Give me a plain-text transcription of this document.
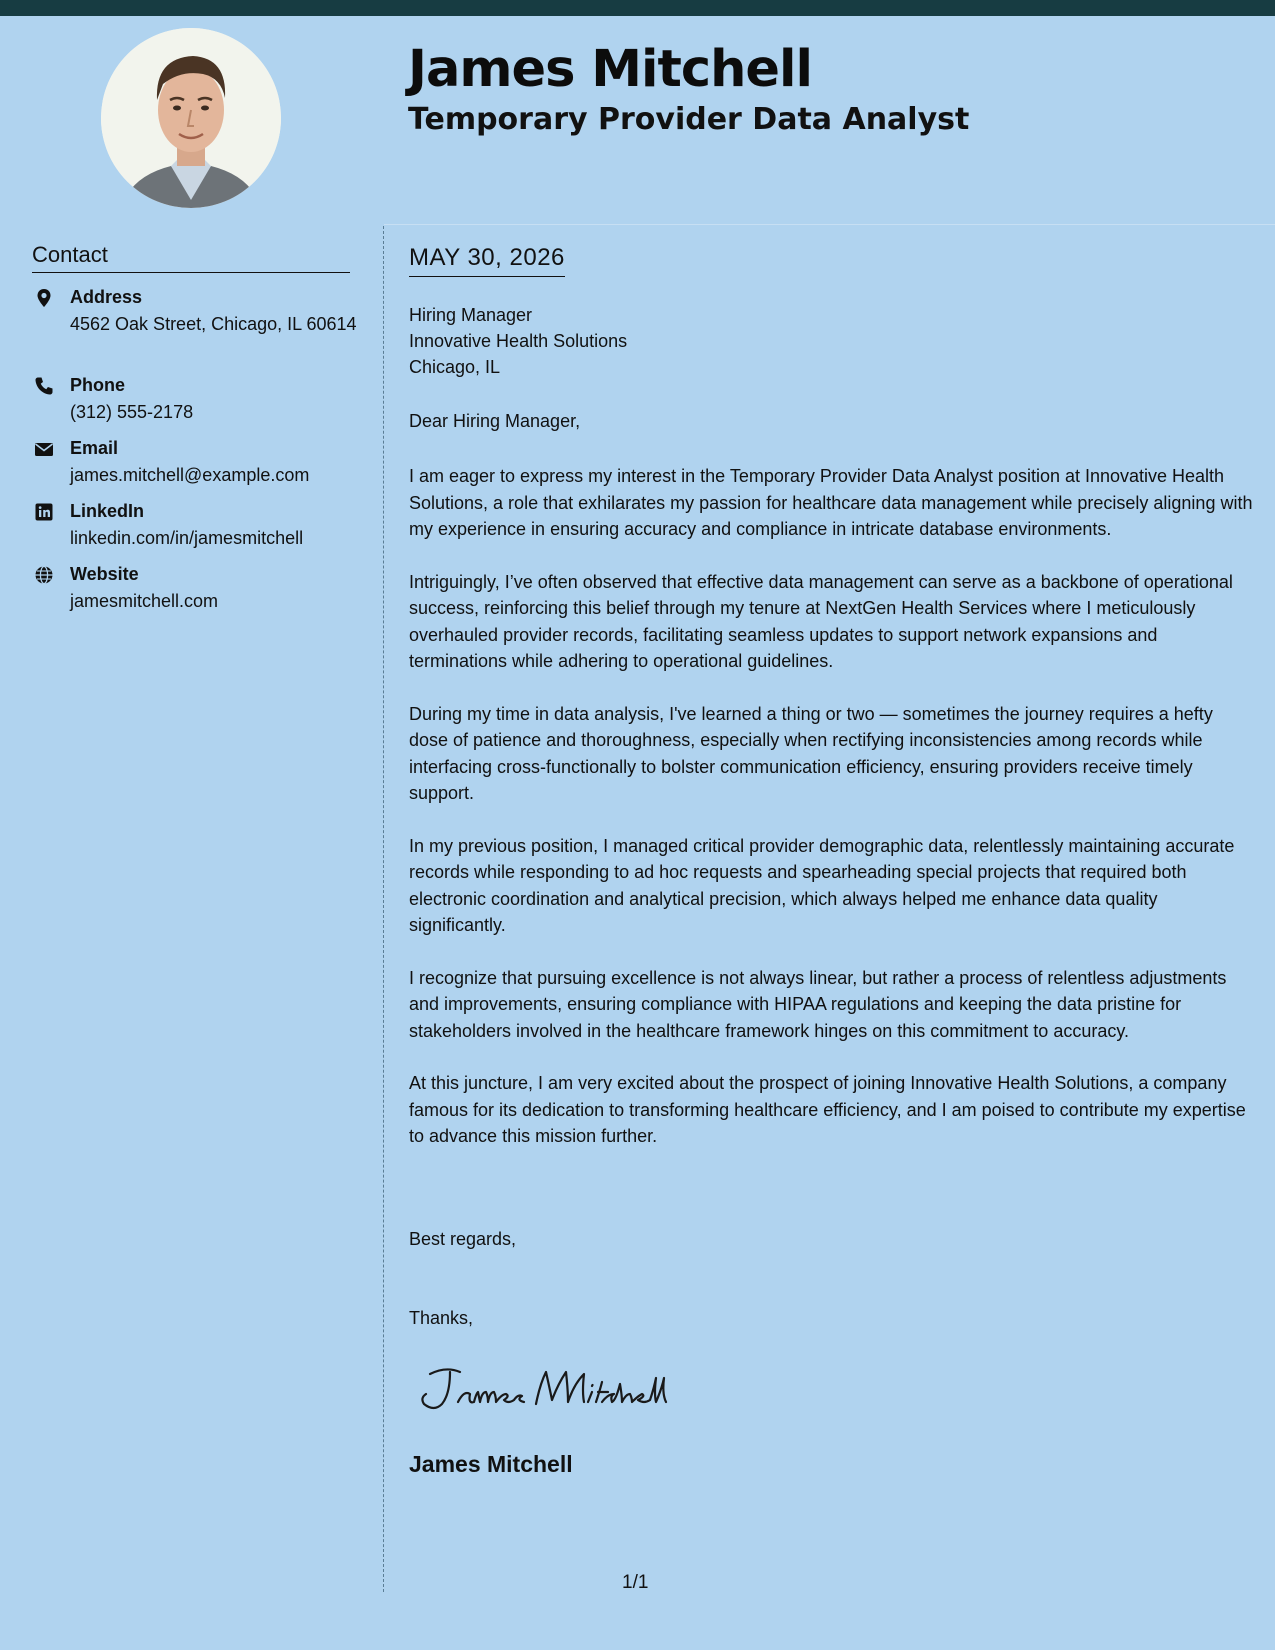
James Mitchell
Temporary Provider Data Analyst
Contact
Address
4562 Oak Street, Chicago, IL 60614
Phone
(312) 555-2178
Email
james.mitchell@example.com
LinkedIn
linkedin.com/in/jamesmitchell
Website
jamesmitchell.com
MAY 30, 2026
Hiring Manager
Innovative Health Solutions
Chicago, IL
Dear Hiring Manager,

I am eager to express my interest in the Temporary Provider Data Analyst position at Innovative Health Solutions, a role that exhilarates my passion for healthcare data management while precisely aligning with my experience in ensuring accuracy and compliance in intricate database environments.

Intriguingly, I’ve often observed that effective data management can serve as a backbone of operational success, reinforcing this belief through my tenure at NextGen Health Services where I meticulously overhauled provider records, facilitating seamless updates to support network expansions and terminations while adhering to operational guidelines.

During my time in data analysis, I've learned a thing or two — sometimes the journey requires a hefty dose of patience and thoroughness, especially when rectifying inconsistencies among records while interfacing cross-functionally to bolster communication efficiency, ensuring providers receive timely support.

In my previous position, I managed critical provider demographic data, relentlessly maintaining accurate records while responding to ad hoc requests and spearheading special projects that required both electronic coordination and analytical precision, which always helped me enhance data quality significantly.

I recognize that pursuing excellence is not always linear, but rather a process of relentless adjustments and improvements, ensuring compliance with HIPAA regulations and keeping the data pristine for stakeholders involved in the healthcare framework hinges on this commitment to accuracy.

At this juncture, I am very excited about the prospect of joining Innovative Health Solutions, a company famous for its dedication to transforming healthcare efficiency, and I am poised to contribute my expertise to advance this mission further.

Best regards,
Thanks,
James Mitchell
1/1
